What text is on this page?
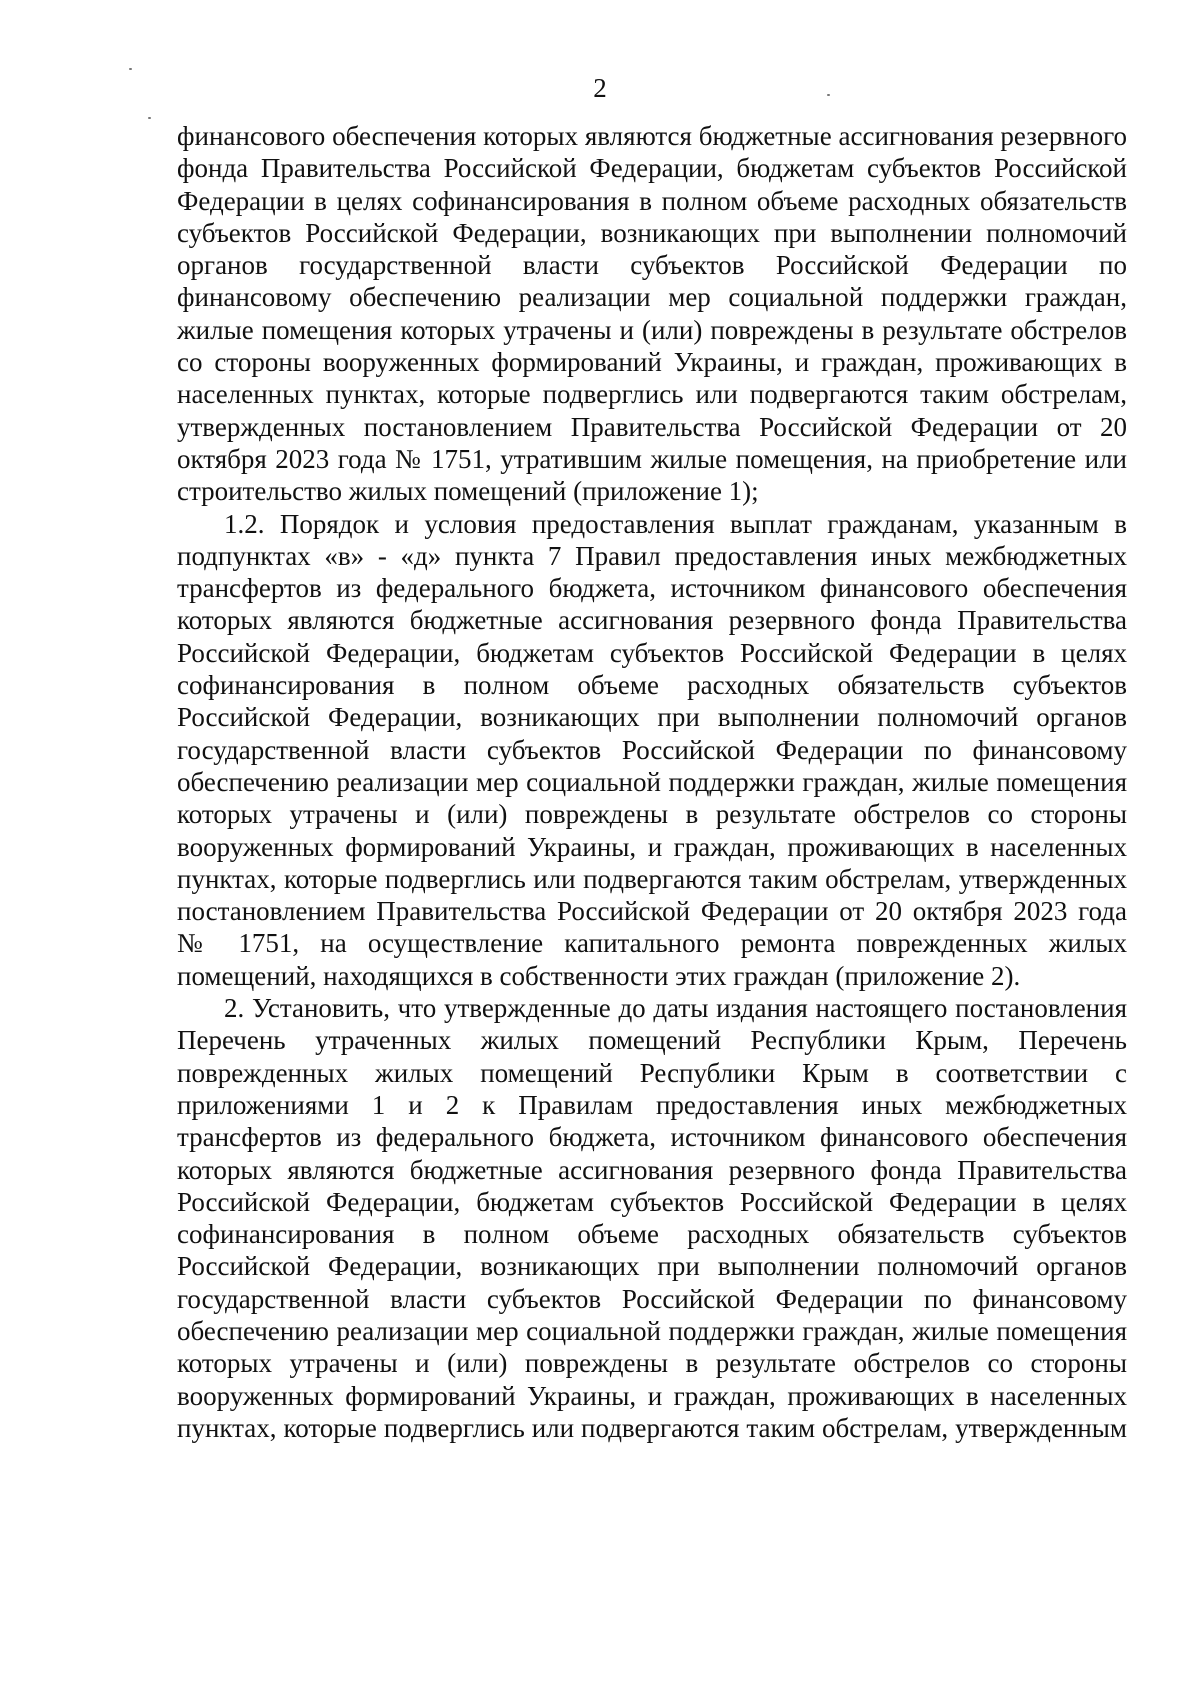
2

финансового обеспечения которых являются бюджетные ассигнования резервного фонда Правительства Российской Федерации, бюджетам субъектов Российской Федерации в целях софинансирования в полном объеме расходных обязательств субъектов Российской Федерации, возникающих при выполнении полномочий органов государственной власти субъектов Российской Федерации по финансовому обеспечению реализации мер социальной поддержки граждан, жилые помещения которых утрачены и (или) повреждены в результате обстрелов со стороны вооруженных формирований Украины, и граждан, проживающих в населенных пунктах, которые подверглись или подвергаются таким обстрелам, утвержденных постановлением Правительства Российской Федерации от 20 октября 2023 года № 1751, утратившим жилые помещения, на приобретение или строительство жилых помещений (приложение 1);

1.2. Порядок и условия предоставления выплат гражданам, указанным в подпунктах «в» - «д» пункта 7 Правил предоставления иных межбюджетных трансфертов из федерального бюджета, источником финансового обеспечения которых являются бюджетные ассигнования резервного фонда Правительства Российской Федерации, бюджетам субъектов Российской Федерации в целях софинансирования в полном объеме расходных обязательств субъектов Российской Федерации, возникающих при выполнении полномочий органов государственной власти субъектов Российской Федерации по финансовому обеспечению реализации мер социальной поддержки граждан, жилые помещения которых утрачены и (или) повреждены в результате обстрелов со стороны вооруженных формирований Украины, и граждан, проживающих в населенных пунктах, которые подверглись или подвергаются таким обстрелам, утвержденных постановлением Правительства Российской Федерации от 20 октября 2023 года № 1751, на осуществление капитального ремонта поврежденных жилых помещений, находящихся в собственности этих граждан (приложение 2).

2. Установить, что утвержденные до даты издания настоящего постановления Перечень утраченных жилых помещений Республики Крым, Перечень поврежденных жилых помещений Республики Крым в соответствии с приложениями 1 и 2 к Правилам предоставления иных межбюджетных трансфертов из федерального бюджета, источником финансового обеспечения которых являются бюджетные ассигнования резервного фонда Правительства Российской Федерации, бюджетам субъектов Российской Федерации в целях софинансирования в полном объеме расходных обязательств субъектов Российской Федерации, возникающих при выполнении полномочий органов государственной власти субъектов Российской Федерации по финансовому обеспечению реализации мер социальной поддержки граждан, жилые помещения которых утрачены и (или) повреждены в результате обстрелов со стороны вооруженных формирований Украины, и граждан, проживающих в населенных пунктах, которые подверглись или подвергаются таким обстрелам, утвержденным
